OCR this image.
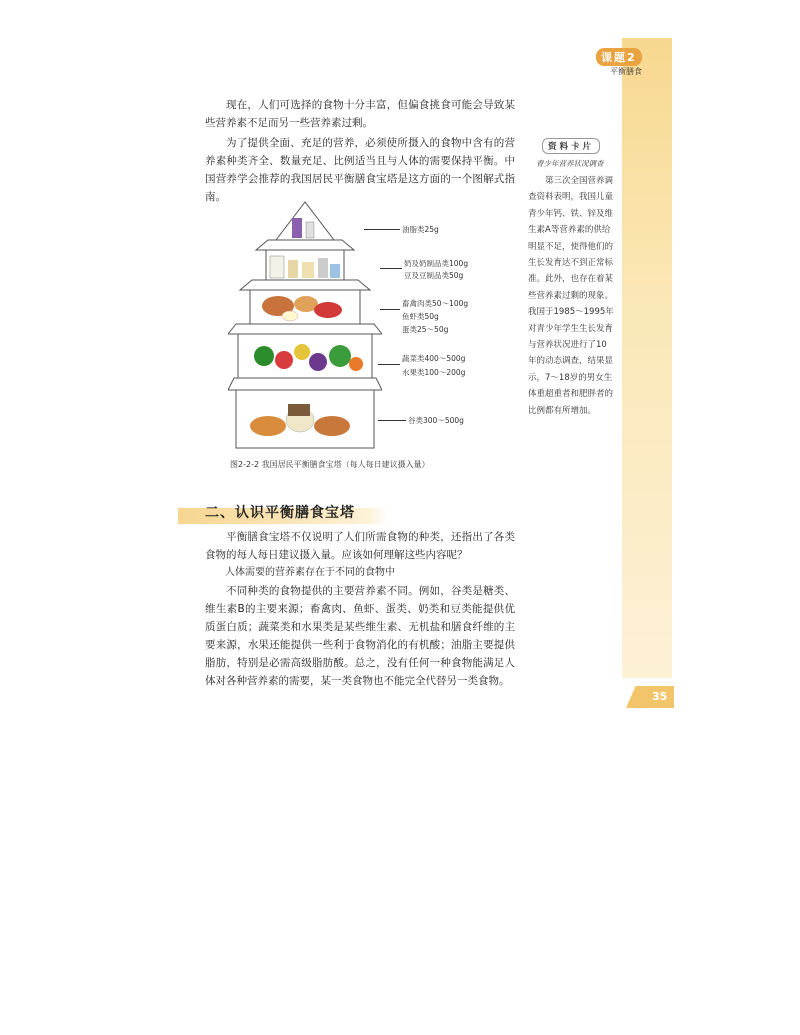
课题2
平衡膳食
现在，人们可选择的食物十分丰富，但偏食挑食可能会导致某些营养素不足而另一些营养素过剩。
为了提供全面、充足的营养，必须使所摄入的食物中含有的营养素种类齐全、数量充足、比例适当且与人体的需要保持平衡。中国营养学会推荐的我国居民平衡膳食宝塔是这方面的一个图解式指南。
资料卡片
青少年营养状况调查
第三次全国营养调查资料表明，我国儿童青少年钙、铁、锌及维生素A等营养素的供给明显不足，使得他们的生长发育达不到正常标准。此外，也存在着某些营养素过剩的现象。我国于1985～1995年对青少年学生生长发育与营养状况进行了10年的动态调查，结果显示，7～18岁的男女生体重超重者和肥胖者的比例都有所增加。
油脂类25g
奶及奶制品类100g
豆及豆制品类50g
畜禽肉类50～100g
鱼虾类50g
蛋类25～50g
蔬菜类400～500g
水果类100～200g
谷类300～500g
图2-2-2 我国居民平衡膳食宝塔（每人每日建议摄入量）
二、认识平衡膳食宝塔
平衡膳食宝塔不仅说明了人们所需食物的种类，还指出了各类食物的每人每日建议摄入量。应该如何理解这些内容呢？
人体需要的营养素存在于不同的食物中
不同种类的食物提供的主要营养素不同。例如，谷类是糖类、维生素B的主要来源；畜禽肉、鱼虾、蛋类、奶类和豆类能提供优质蛋白质；蔬菜类和水果类是某些维生素、无机盐和膳食纤维的主要来源，水果还能提供一些利于食物消化的有机酸；油脂主要提供脂肪，特别是必需高级脂肪酸。总之，没有任何一种食物能满足人体对各种营养素的需要，某一类食物也不能完全代替另一类食物。
35
